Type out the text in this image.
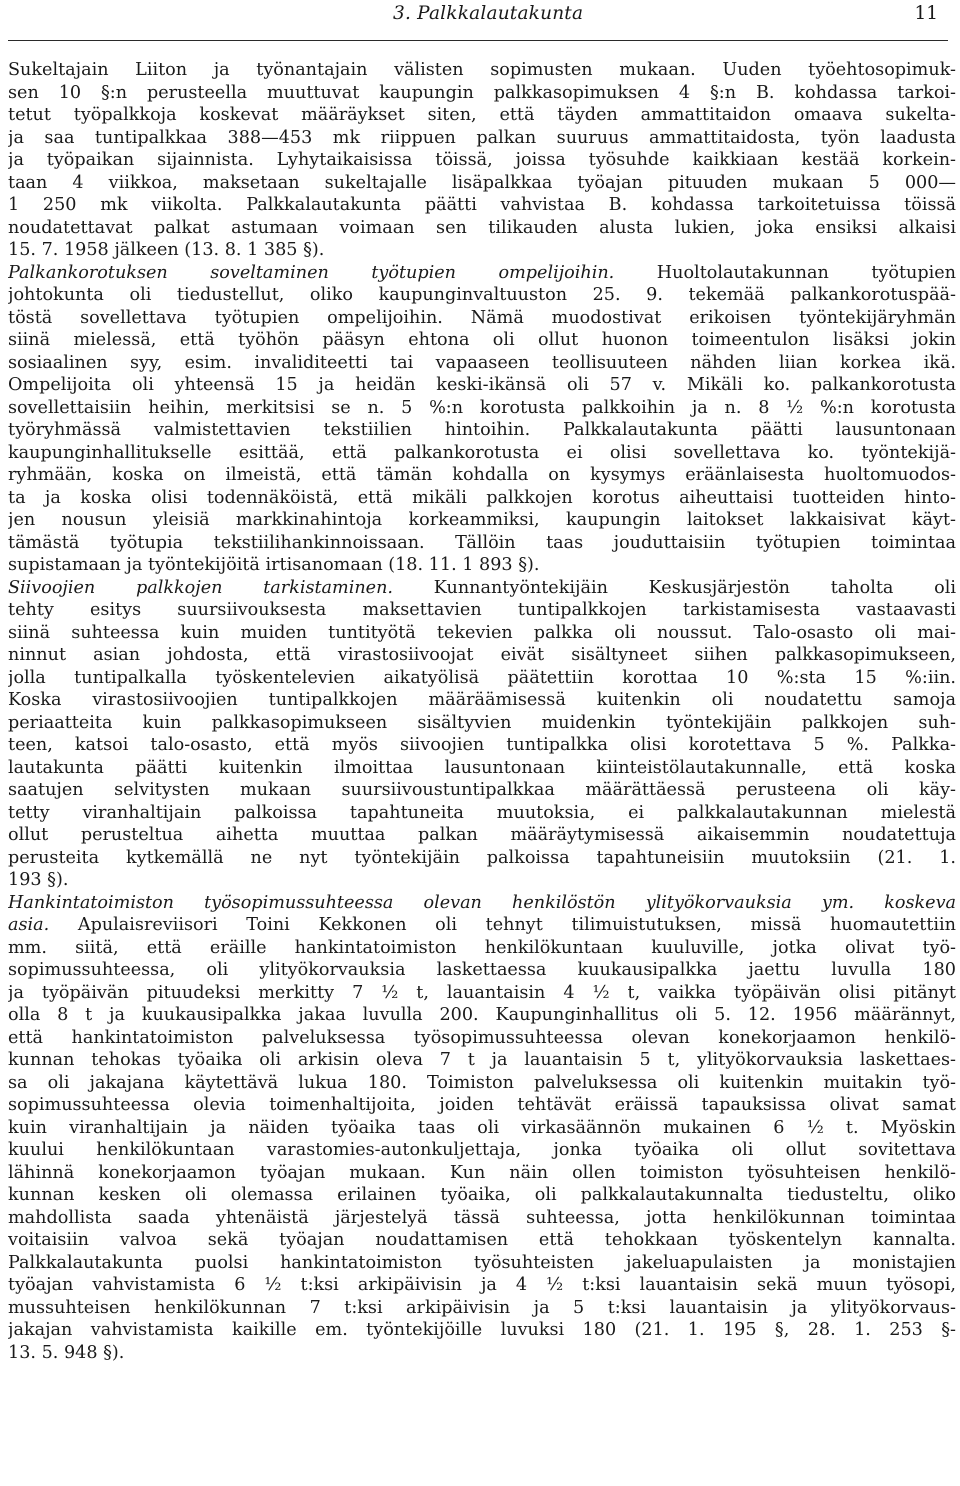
3. Palkkalautakunta	11
Sukeltajain Liiton ja työnantajain välisten sopimusten mukaan. Uuden työehtosopimuk-
sen 10 §:n perusteella muuttuvat kaupungin palkkasopimuksen 4 §:n B. kohdassa tarkoi-
tetut työpalkkoja koskevat määräykset siten, että täyden ammattitaidon omaava sukelta-
ja saa tuntipalkkaa 388—453 mk riippuen palkan suuruus ammattitaidosta, työn laadusta
ja työpaikan sijainnista. Lyhytaikaisissa töissä, joissa työsuhde kaikkiaan kestää korkein-
taan 4 viikkoa, maksetaan sukeltajalle lisäpalkkaa työajan pituuden mukaan 5 000—
1 250 mk viikolta. Palkkalautakunta päätti vahvistaa B. kohdassa tarkoitetuissa töissä
noudatettavat palkat astumaan voimaan sen tilikauden alusta lukien, joka ensiksi alkaisi
15. 7. 1958 jälkeen (13. 8. 1 385 §).
Palkankorotuksen soveltaminen työtupien ompelijoihin. Huoltolautakunnan työtupien
johtokunta oli tiedustellut, oliko kaupunginvaltuuston 25. 9. tekemää palkankorotuspää-
töstä sovellettava työtupien ompelijoihin. Nämä muodostivat erikoisen työntekijäryhmän
siinä mielessä, että työhön pääsyn ehtona oli ollut huonon toimeentulon lisäksi jokin
sosiaalinen syy, esim. invaliditeetti tai vapaaseen teollisuuteen nähden liian korkea ikä.
Ompelijoita oli yhteensä 15 ja heidän keski-ikänsä oli 57 v. Mikäli ko. palkankorotusta
sovellettaisiin heihin, merkitsisi se n. 5 %:n korotusta palkkoihin ja n. 8 ½ %:n korotusta
työryhmässä valmistettavien tekstiilien hintoihin. Palkkalautakunta päätti lausuntonaan
kaupunginhallitukselle esittää, että palkankorotusta ei olisi sovellettava ko. työntekijä-
ryhmään, koska on ilmeistä, että tämän kohdalla on kysymys eräänlaisesta huoltomuodos-
ta ja koska olisi todennäköistä, että mikäli palkkojen korotus aiheuttaisi tuotteiden hinto-
jen nousun yleisiä markkinahintoja korkeammiksi, kaupungin laitokset lakkaisivat käyt-
tämästä työtupia tekstiilihankinnoissaan. Tällöin taas jouduttaisiin työtupien toimintaa
supistamaan ja työntekijöitä irtisanomaan (18. 11. 1 893 §).
Siivoojien palkkojen tarkistaminen. Kunnantyöntekijäin Keskusjärjestön taholta oli
tehty esitys suursiivouksesta maksettavien tuntipalkkojen tarkistamisesta vastaavasti
siinä suhteessa kuin muiden tuntityötä tekevien palkka oli noussut. Talo-osasto oli mai-
ninnut asian johdosta, että virastosiivoojat eivät sisältyneet siihen palkkasopimukseen,
jolla tuntipalkalla työskentelevien aikatyölisä päätettiin korottaa 10 %:sta 15 %:iin.
Koska virastosiivoojien tuntipalkkojen määräämisessä kuitenkin oli noudatettu samoja
periaatteita kuin palkkasopimukseen sisältyvien muidenkin työntekijäin palkkojen suh-
teen, katsoi talo-osasto, että myös siivoojien tuntipalkka olisi korotettava 5 %. Palkka-
lautakunta päätti kuitenkin ilmoittaa lausuntonaan kiinteistölautakunnalle, että koska
saatujen selvitysten mukaan suursiivoustuntipalkkaa määrättäessä perusteena oli käy-
tetty viranhaltijain palkoissa tapahtuneita muutoksia, ei palkkalautakunnan mielestä
ollut perusteltua aihetta muuttaa palkan määräytymisessä aikaisemmin noudatettuja
perusteita kytkemällä ne nyt työntekijäin palkoissa tapahtuneisiin muutoksiin (21. 1.
193 §).
Hankintatoimiston työsopimussuhteessa olevan henkilöstön ylityökorvauksia ym. koskeva
asia. Apulaisreviisori Toini Kekkonen oli tehnyt tilimuistutuksen, missä huomautettiin
mm. siitä, että eräille hankintatoimiston henkilökuntaan kuuluville, jotka olivat työ-
sopimussuhteessa, oli ylityökorvauksia laskettaessa kuukausipalkka jaettu luvulla 180
ja työpäivän pituudeksi merkitty 7 ½ t, lauantaisin 4 ½ t, vaikka työpäivän olisi pitänyt
olla 8 t ja kuukausipalkka jakaa luvulla 200. Kaupunginhallitus oli 5. 12. 1956 määrännyt,
että hankintatoimiston palveluksessa työsopimussuhteessa olevan konekorjaamon henkilö-
kunnan tehokas työaika oli arkisin oleva 7 t ja lauantaisin 5 t, ylityökorvauksia laskettaes-
sa oli jakajana käytettävä lukua 180. Toimiston palveluksessa oli kuitenkin muitakin työ-
sopimussuhteessa olevia toimenhaltijoita, joiden tehtävät eräissä tapauksissa olivat samat
kuin viranhaltijain ja näiden työaika taas oli virkasäännön mukainen 6 ½ t. Myöskin
kuului henkilökuntaan varastomies-autonkuljettaja, jonka työaika oli ollut sovitettava
lähinnä konekorjaamon työajan mukaan. Kun näin ollen toimiston työsuhteisen henkilö-
kunnan kesken oli olemassa erilainen työaika, oli palkkalautakunnalta tiedusteltu, oliko
mahdollista saada yhtenäistä järjestelyä tässä suhteessa, jotta henkilökunnan toimintaa
voitaisiin valvoa sekä työajan noudattamisen että tehokkaan työskentelyn kannalta.
Palkkalautakunta puolsi hankintatoimiston työsuhteisten jakeluapulaisten ja monistajien
työajan vahvistamista 6 ½ t:ksi arkipäivisin ja 4 ½ t:ksi lauantaisin sekä muun työsopi,
mussuhteisen henkilökunnan 7 t:ksi arkipäivisin ja 5 t:ksi lauantaisin ja ylityökorvaus-
jakajan vahvistamista kaikille em. työntekijöille luvuksi 180 (21. 1. 195 §, 28. 1. 253 §-
13. 5. 948 §).
